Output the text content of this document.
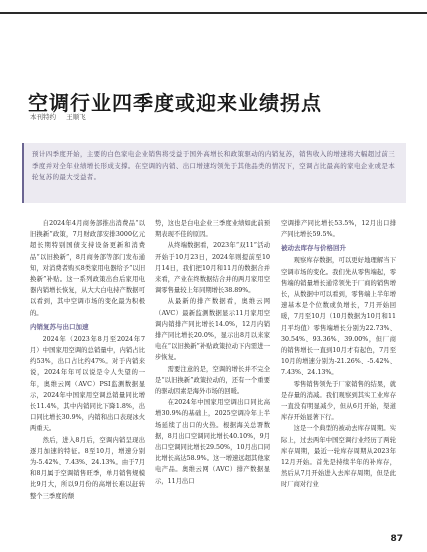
空调行业四季度或迎来业绩拐点
本刊特约 王顺飞

预计四季度开始，主要的白色家电企业销售将受益于国外高增长和政策驱动的内销复苏，销售收入的增速将大幅超过前三季度并对全年业绩增长形成支撑。在空调的内销、出口增速均领先于其他品类的情况下，空调占比最高的家电企业或是本轮复苏的最大受益者。

自2024年4月商务部推出消费品“以旧换新”政策，7月财政部安排3000亿元超长期特别国债支持设备更新和消费品“以旧换新”，8月商务部等部门发布通知，对消费者购买8类家用电器给予“以旧换新”补贴。这一系列政策出台后家用电器内销增长恢复，从大大白电持产数据可以看到，其中空调市场的变化最为积极的。

内销复苏与出口加速

2024年（2023年8月至2024年7月）中国家用空调的总销量中，内销占比约53%，出口占比约47%。对于内销来说，2024年年可以说是令人失望的一年，奥维云网（AVC）PSI监测数据显示，2024年中国家用空调总销量同比增长11.4%，其中内销同比下降1.8%，出口同比增长30.9%，内销和出口表现冰火两重天。

然后，进入8月后，空调内销呈现出逐月加速的特征。8至10月，增速分别为-5.42%、7.43%、24.13%。由于7月和8月属于空调销售旺季，单月销售规模比9月大，所以9月份的高增长难以赶转整个三季度的颓

势，这也是白电企业三季度业绩如此前预期表现不佳的原因。

从终端数据看，2023年“双11”活动开始于10月23日，2024年则提前至10月14日，我们把10月和11月的数据合并来看，产业在终数据结合并的两月家用空调零售量较上年同期增长38.89%。

从最新的排产数据看，奥维云网（AVC）最新监测数据显示11月家用空调内销排产同比增长14.0%，12月内销排产同比增长20.0%，显示出8月以来家电在“以旧换新”补贴政策拉动下内需进一步恢复。

需要注意的是，空调的增长并不完全是“以旧换新”政策拉动的，还有一个重要的驱动因素是海外市场的回暖。

在2024年中国家用空调出口同比高增30.9%的基础上，2025空调冷年上半场延续了出口的火热。根据海关总署数据，8月出口空调同比增长40.10%，9月出口空调同比增长29.50%，10月出口同比增长高达58.9%。这一增速远超其他家电产品。奥维云网（AVC）排产数据显示，11月出口

空调排产同比增长53.5%，12月出口排产同比增长59.5%。

被动去库存与价格回升

观察库存数据，可以更好地理解当下空调市场的变化。我们先从零售端起，零售端的销量增长通常领先于厂商的销售增长，从数据中可以看到，零售端上半年增速基本是个位数或负增长，7月开始回暖，7月至10月（10月数据为10月和11月平均值）零售端增长分别为22.73%、30.54%、93.36%、39.00%，但厂商的销售增长一直到10月才有起色，7月至10月的增速分别为-21.26%、-5.42%、7.43%、24.13%。

零售销售领先于厂家销售的结果，就是存量的消减。我们观察到其实工业库存一直没有明显减少，但从6月开始，渠道库存开始显著下行。

这是一个典型的被动去库存周期。实际上，过去两年中国空调行业经历了两轮库存周期，最近一轮库存周期从2023年12月开始。首先是持续半年的补库存，然后从7月开始进入去库存周期，但是此时厂商对行业

87
